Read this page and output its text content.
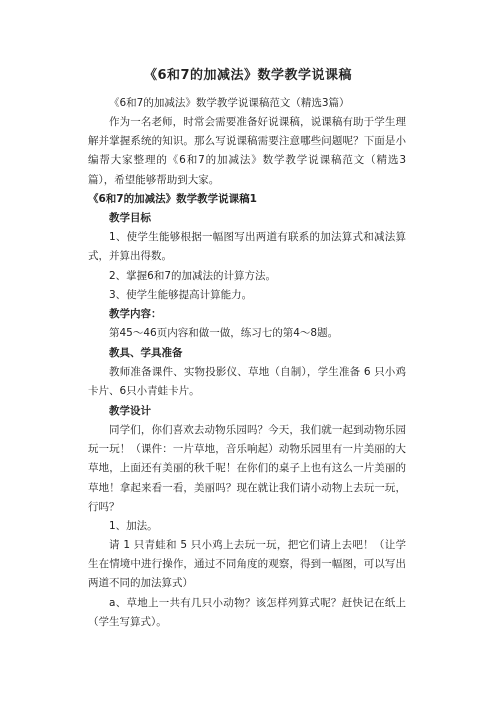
《6和7的加减法》数学教学说课稿
《6和7的加减法》数学教学说课稿范文（精选3篇）
作为一名老师，时常会需要准备好说课稿，说课稿有助于学生理解并掌握系统的知识。那么写说课稿需要注意哪些问题呢？下面是小编帮大家整理的《6和7的加减法》数学教学说课稿范文（精选3篇），希望能够帮助到大家。
《6和7的加减法》数学教学说课稿1
教学目标
1、使学生能够根据一幅图写出两道有联系的加法算式和减法算式，并算出得数。
2、掌握6和7的加减法的计算方法。
3、使学生能够提高计算能力。
教学内容：
第45～46页内容和做一做，练习七的第4～8题。
教具、学具准备
教师准备课件、实物投影仪、草地（自制），学生准备 6 只小鸡卡片、6只小青蛙卡片。
教学设计
同学们，你们喜欢去动物乐园吗？今天，我们就一起到动物乐园玩一玩！（课件：一片草地，音乐响起）动物乐园里有一片美丽的大草地，上面还有美丽的秋千呢！在你们的桌子上也有这么一片美丽的草地！拿起来看一看，美丽吗？现在就让我们请小动物上去玩一玩，行吗？
1、加法。
请 1 只青蛙和 5 只小鸡上去玩一玩，把它们请上去吧！（让学生在情境中进行操作，通过不同角度的观察，得到一幅图，可以写出两道不同的加法算式）
a、草地上一共有几只小动物？该怎样列算式呢？赶快记在纸上（学生写算式）。
